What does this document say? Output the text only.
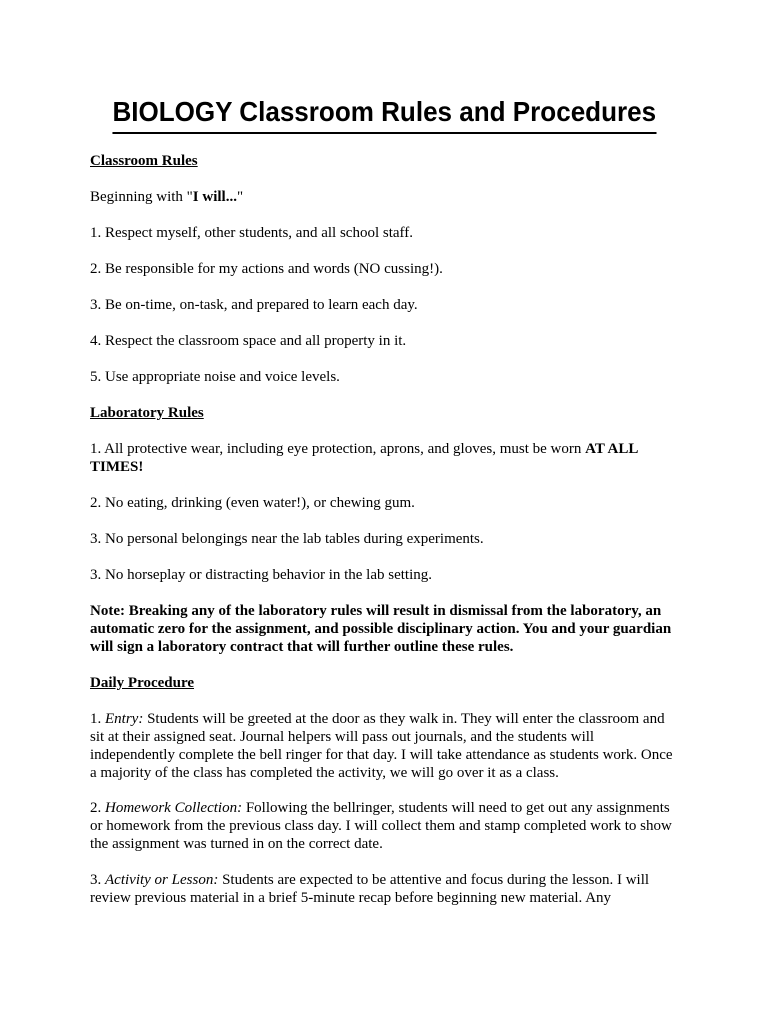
BIOLOGY Classroom Rules and Procedures

Classroom Rules

Beginning with "I will..."

1. Respect myself, other students, and all school staff.

2. Be responsible for my actions and words (NO cussing!).

3. Be on-time, on-task, and prepared to learn each day.

4. Respect the classroom space and all property in it.

5. Use appropriate noise and voice levels.

Laboratory Rules

1. All protective wear, including eye protection, aprons, and gloves, must be worn AT ALL TIMES!

2. No eating, drinking (even water!), or chewing gum.

3. No personal belongings near the lab tables during experiments.

3. No horseplay or distracting behavior in the lab setting.

Note: Breaking any of the laboratory rules will result in dismissal from the laboratory, an automatic zero for the assignment, and possible disciplinary action. You and your guardian will sign a laboratory contract that will further outline these rules.

Daily Procedure

1. Entry: Students will be greeted at the door as they walk in. They will enter the classroom and sit at their assigned seat. Journal helpers will pass out journals, and the students will independently complete the bell ringer for that day. I will take attendance as students work. Once a majority of the class has completed the activity, we will go over it as a class.

2. Homework Collection: Following the bellringer, students will need to get out any assignments or homework from the previous class day. I will collect them and stamp completed work to show the assignment was turned in on the correct date.

3. Activity or Lesson: Students are expected to be attentive and focus during the lesson. I will review previous material in a brief 5-minute recap before beginning new material. Any
